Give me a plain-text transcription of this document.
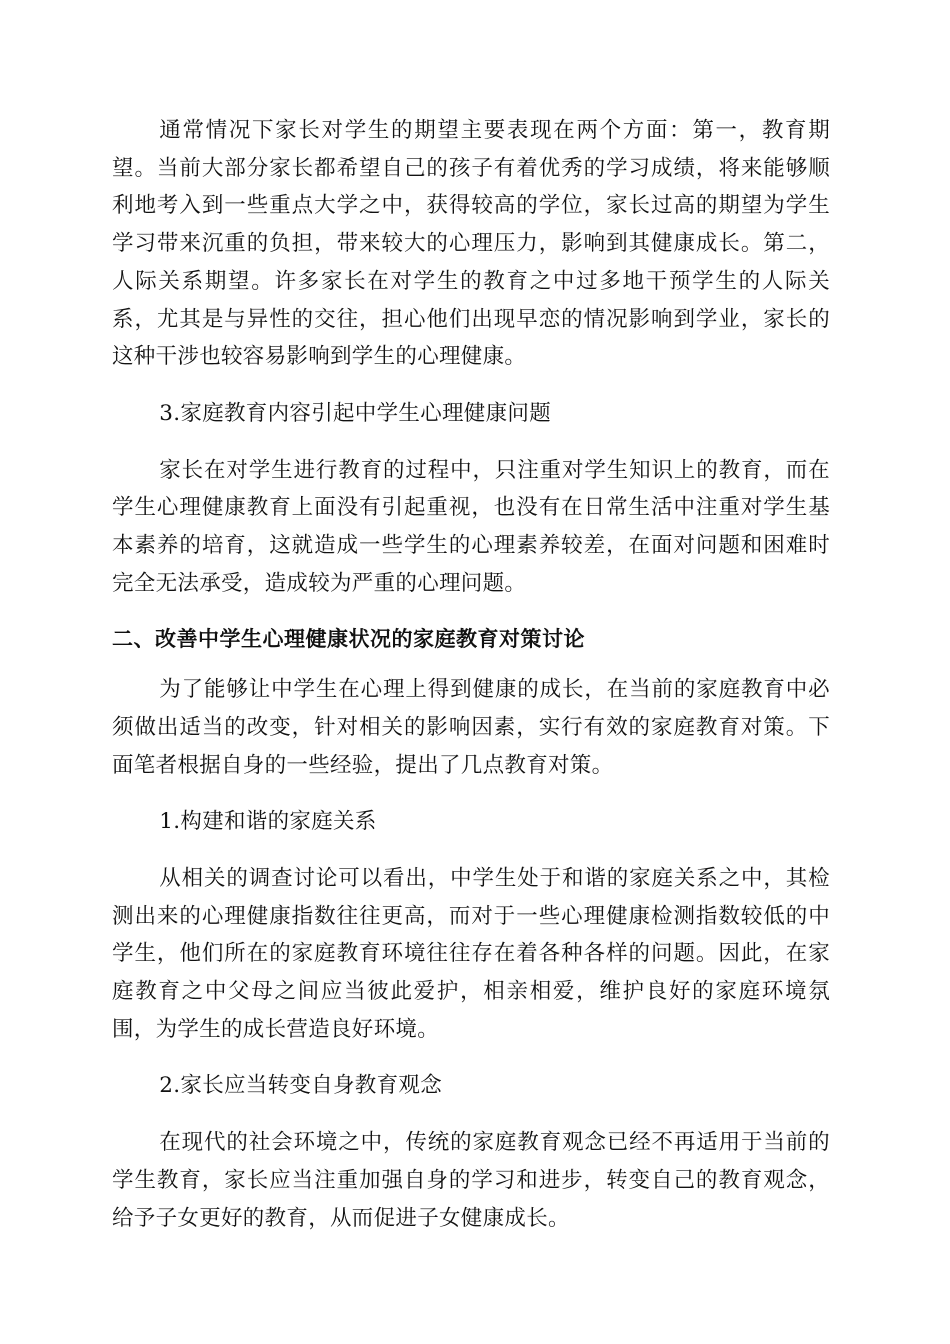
通常情况下家长对学生的期望主要表现在两个方面：第一，教育期望。当前大部分家长都希望自己的孩子有着优秀的学习成绩，将来能够顺利地考入到一些重点大学之中，获得较高的学位，家长过高的期望为学生学习带来沉重的负担，带来较大的心理压力，影响到其健康成长。第二，人际关系期望。许多家长在对学生的教育之中过多地干预学生的人际关系，尤其是与异性的交往，担心他们出现早恋的情况影响到学业，家长的这种干涉也较容易影响到学生的心理健康。

3.家庭教育内容引起中学生心理健康问题

家长在对学生进行教育的过程中，只注重对学生知识上的教育，而在学生心理健康教育上面没有引起重视，也没有在日常生活中注重对学生基本素养的培育，这就造成一些学生的心理素养较差，在面对问题和困难时完全无法承受，造成较为严重的心理问题。

二、改善中学生心理健康状况的家庭教育对策讨论

为了能够让中学生在心理上得到健康的成长，在当前的家庭教育中必须做出适当的改变，针对相关的影响因素，实行有效的家庭教育对策。下面笔者根据自身的一些经验，提出了几点教育对策。

1.构建和谐的家庭关系

从相关的调查讨论可以看出，中学生处于和谐的家庭关系之中，其检测出来的心理健康指数往往更高，而对于一些心理健康检测指数较低的中学生，他们所在的家庭教育环境往往存在着各种各样的问题。因此，在家庭教育之中父母之间应当彼此爱护，相亲相爱，维护良好的家庭环境氛围，为学生的成长营造良好环境。

2.家长应当转变自身教育观念

在现代的社会环境之中，传统的家庭教育观念已经不再适用于当前的学生教育，家长应当注重加强自身的学习和进步，转变自己的教育观念，给予子女更好的教育，从而促进子女健康成长。
